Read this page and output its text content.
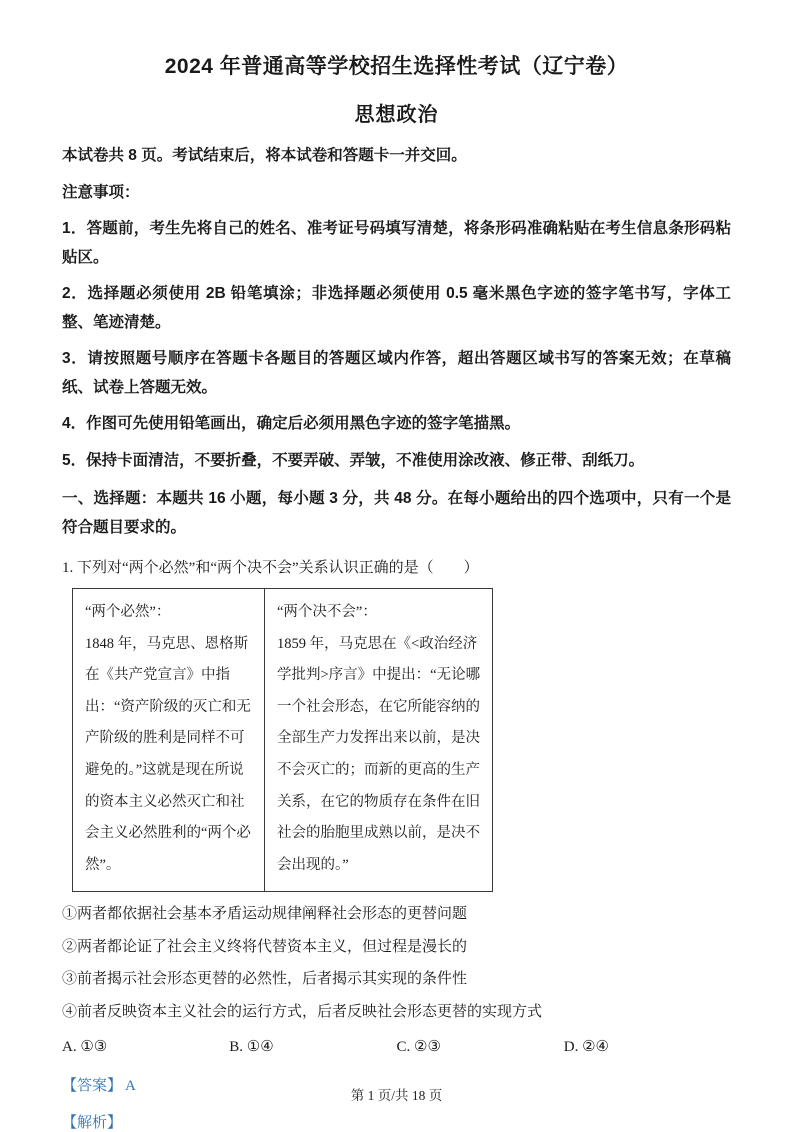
2024 年普通高等学校招生选择性考试（辽宁卷）
思想政治

本试卷共 8 页。考试结束后，将本试卷和答题卡一并交回。

注意事项：

1．答题前，考生先将自己的姓名、准考证号码填写清楚，将条形码准确粘贴在考生信息条形码粘贴区。

2．选择题必须使用 2B 铅笔填涂；非选择题必须使用 0.5 毫米黑色字迹的签字笔书写，字体工整、笔迹清楚。

3．请按照题号顺序在答题卡各题目的答题区域内作答，超出答题区域书写的答案无效；在草稿纸、试卷上答题无效。

4．作图可先使用铅笔画出，确定后必须用黑色字迹的签字笔描黑。

5．保持卡面清洁，不要折叠，不要弄破、弄皱，不准使用涂改液、修正带、刮纸刀。

一、选择题：本题共 16 小题，每小题 3 分，共 48 分。在每小题给出的四个选项中，只有一个是符合题目要求的。

1. 下列对“两个必然”和“两个决不会”关系认识正确的是（　　）

“两个必然”：
1848 年，马克思、恩格斯在《共产党宣言》中指出：“资产阶级的灭亡和无产阶级的胜利是同样不可避免的。”这就是现在所说的资本主义必然灭亡和社会主义必然胜利的“两个必然”。

“两个决不会”：
1859 年，马克思在《<政治经济学批判>序言》中提出：“无论哪一个社会形态，在它所能容纳的全部生产力发挥出来以前，是决不会灭亡的；而新的更高的生产关系，在它的物质存在条件在旧社会的胎胞里成熟以前，是决不会出现的。”

①两者都依据社会基本矛盾运动规律阐释社会形态的更替问题

②两者都论证了社会主义终将代替资本主义，但过程是漫长的

③前者揭示社会形态更替的必然性，后者揭示其实现的条件性

④前者反映资本主义社会的运行方式，后者反映社会形态更替的实现方式

A. ①③	B. ①④	C. ②③	D. ②④

【答案】 A

【解析】

第 1 页/共 18 页
